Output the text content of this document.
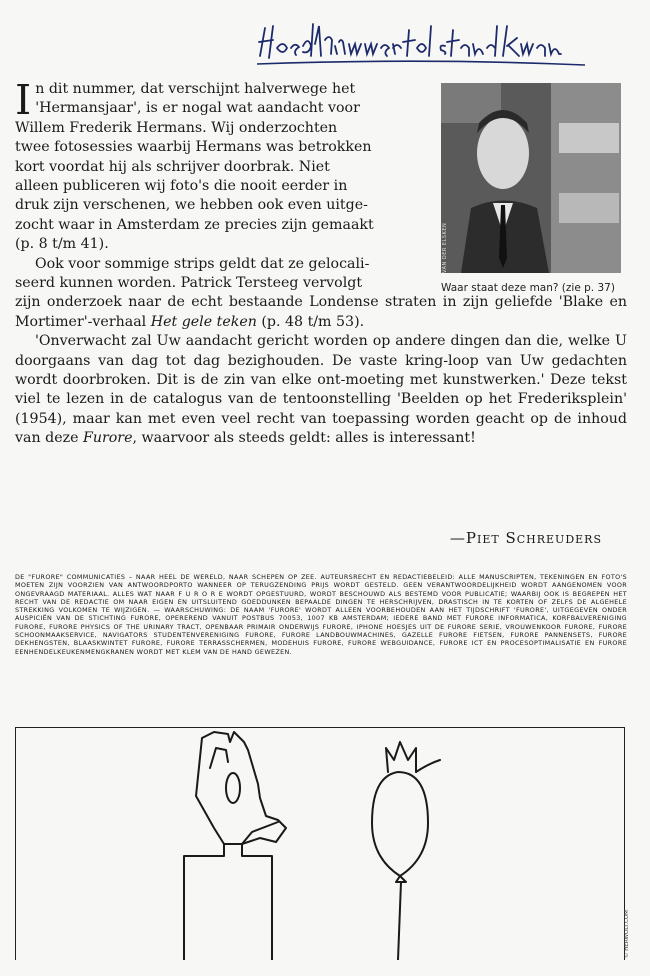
VAN DER ELSKEN
Waar staat deze man? (zie p. 37)
I n dit nummer, dat verschijnt halverwege het
'Hermansjaar', is er nogal wat aandacht voor
Willem Frederik Hermans. Wij onderzochten
twee fotosessies waarbij Hermans was betrokken
kort voordat hij als schrijver doorbrak. Niet
alleen publiceren wij foto's die nooit eerder in
druk zijn verschenen, we hebben ook even uitge-
zocht waar in Amsterdam ze precies zijn gemaakt
(p. 8 t/m 41).
Ook voor sommige strips geldt dat ze gelocali-
seerd kunnen worden. Patrick Tersteeg vervolgt

zijn onderzoek naar de echt bestaande Londense straten in zijn geliefde 'Blake en Mortimer'-verhaal Het gele teken (p. 48 t/m 53).

'Onverwacht zal Uw aandacht gericht worden op andere dingen dan die, welke U doorgaans van dag tot dag bezighouden. De vaste kring-loop van Uw gedachten wordt doorbroken. Dit is de zin van elke ont-moeting met kunstwerken.' Deze tekst viel te lezen in de catalogus van de tentoonstelling 'Beelden op het Frederiksplein' (1954), maar kan met even veel recht van toepassing worden geacht op de inhoud van deze Furore, waarvoor als steeds geldt: alles is interessant!

—Piet Schreuders
DE "FURORE" COMMUNICATIES – NAAR HEEL DE WERELD, NAAR SCHEPEN OP ZEE. AUTEURSRECHT EN REDACTIEBELEID: ALLE MANUSCRIPTEN, TEKENINGEN EN FOTO'S MOETEN ZIJN VOORZIEN VAN ANTWOORDPORTO WANNEER OP TERUGZENDING PRIJS WORDT GESTELD. GEEN VERANTWOORDELIJKHEID WORDT AANGENOMEN VOOR ONGEVRAAGD MATERIAAL. ALLES WAT NAAR F U R O R E WORDT OPGESTUURD, WORDT BESCHOUWD ALS BESTEMD VOOR PUBLICATIE; WAARBIJ OOK IS BEGREPEN HET RECHT VAN DE REDACTIE OM NAAR EIGEN EN UITSLUITEND GOEDDUNKEN BEPAALDE DINGEN TE HERSCHRIJVEN, DRASTISCH IN TE KORTEN OF ZELFS DE ALGEHELE STREKKING VOLKOMEN TE WIJZIGEN. — WAARSCHUWING: DE NAAM 'FURORE' WORDT ALLEEN VOORBEHOUDEN AAN HET TIJDSCHRIFT 'FURORE', UITGEGEVEN ONDER AUSPICIËN VAN DE STICHTING FURORE, OPEREREND VANUIT POSTBUS 70053, 1007 KB AMSTERDAM; IEDERE BAND MET FURORE INFORMATICA, KORFBALVERENIGING FURORE, FURORE PHYSICS OF THE URINARY TRACT, OPENBAAR PRIMAIR ONDERWIJS FURORE, IPHONE HOESJES UIT DE FURORE SERIE, VROUWENKOOR FURORE, FURORE SCHOONMAAKSERVICE, NAVIGATORS STUDENTENVERENIGING FURORE, FURORE LANDBOUWMACHINES, GAZELLE FURORE FIETSEN, FURORE PANNENSETS, FURORE DEKHENGSTEN, BLAASKWINTET FURORE, FURORE TERRASSCHERMEN, MODEHUIS FURORE, FURORE WEBGUIDANCE, FURORE ICT EN PROCESOPTIMALISATIE EN FURORE EENHENDELKEUKENMENGKRANEN WORDT MET KLEM VAN DE HAND GEWEZEN.
© HERWOLT.COM
